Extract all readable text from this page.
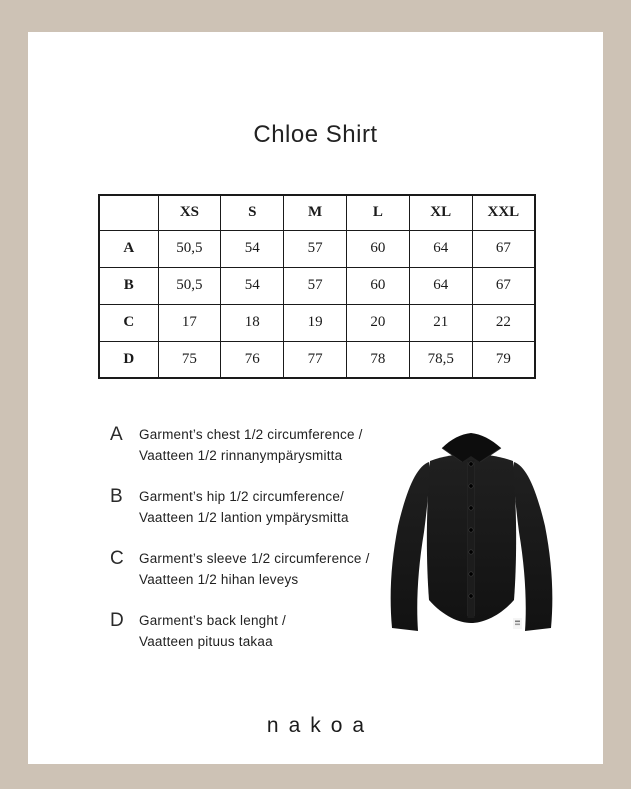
Chloe Shirt
	XS	S	M	L	XL	XXL
A	50,5	54	57	60	64	67
B	50,5	54	57	60	64	67
C	17	18	19	20	21	22
D	75	76	77	78	78,5	79
A	Garment’s chest 1/2 circumference /
Vaatteen 1/2 rinnanympärysmitta
B	Garment’s hip 1/2 circumference/
Vaatteen 1/2 lantion ympärysmitta
C	Garment’s sleeve 1/2 circumference /
Vaatteen 1/2 hihan leveys
D	Garment’s back lenght /
Vaatteen pituus takaa
nakoa
